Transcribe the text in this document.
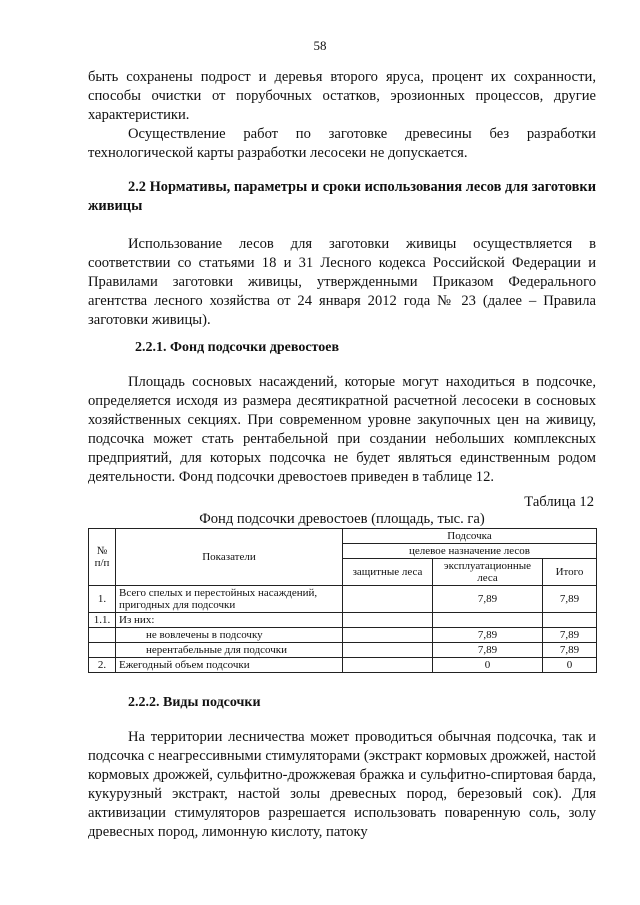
58

быть сохранены подрост и деревья второго яруса, процент их сохранности, способы очистки от порубочных остатков, эрозионных процессов, другие характеристики.

Осуществление работ по заготовке древесины без разработки технологической карты разработки лесосеки не допускается.

2.2 Нормативы, параметры и сроки использования лесов для заготовки живицы

Использование лесов для заготовки живицы осуществляется в соответствии со статьями 18 и 31 Лесного кодекса Российской Федерации и Правилами заготовки живицы, утвержденными Приказом Федерального агентства лесного хозяйства от 24 января 2012 года № 23 (далее – Правила заготовки живицы).

2.2.1. Фонд подсочки древостоев

Площадь сосновых насаждений, которые могут находиться в подсочке, определяется исходя из размера десятикратной расчетной лесосеки в сосновых хозяйственных секциях. При современном уровне закупочных цен на живицу, подсочка может стать рентабельной при создании небольших комплексных предприятий, для которых подсочка не будет являться единственным родом деятельности. Фонд подсочки древостоев приведен в таблице 12.

Таблица 12
Фонд подсочки древостоев (площадь, тыс. га)
№ п/п	Показатели	Подсочка		
		целевое назначение лесов		
		защитные леса	эксплуатационные леса	Итого
1.	Всего спелых и перестойных насаждений, пригодных для подсочки		7,89	7,89
1.1.	Из них:			
	не вовлечены в подсочку		7,89	7,89
	нерентабельные для подсочки		7,89	7,89
2.	Ежегодный объем подсочки		0	0
2.2.2. Виды подсочки

На территории лесничества может проводиться обычная подсочка, так и подсочка с неагрессивными стимуляторами (экстракт кормовых дрожжей, настой кормовых дрожжей, сульфитно-дрожжевая бражка и сульфитно-спиртовая барда, кукурузный экстракт, настой золы древесных пород, березовый сок). Для активизации стимуляторов разрешается использовать поваренную соль, золу древесных пород, лимонную кислоту, патоку
